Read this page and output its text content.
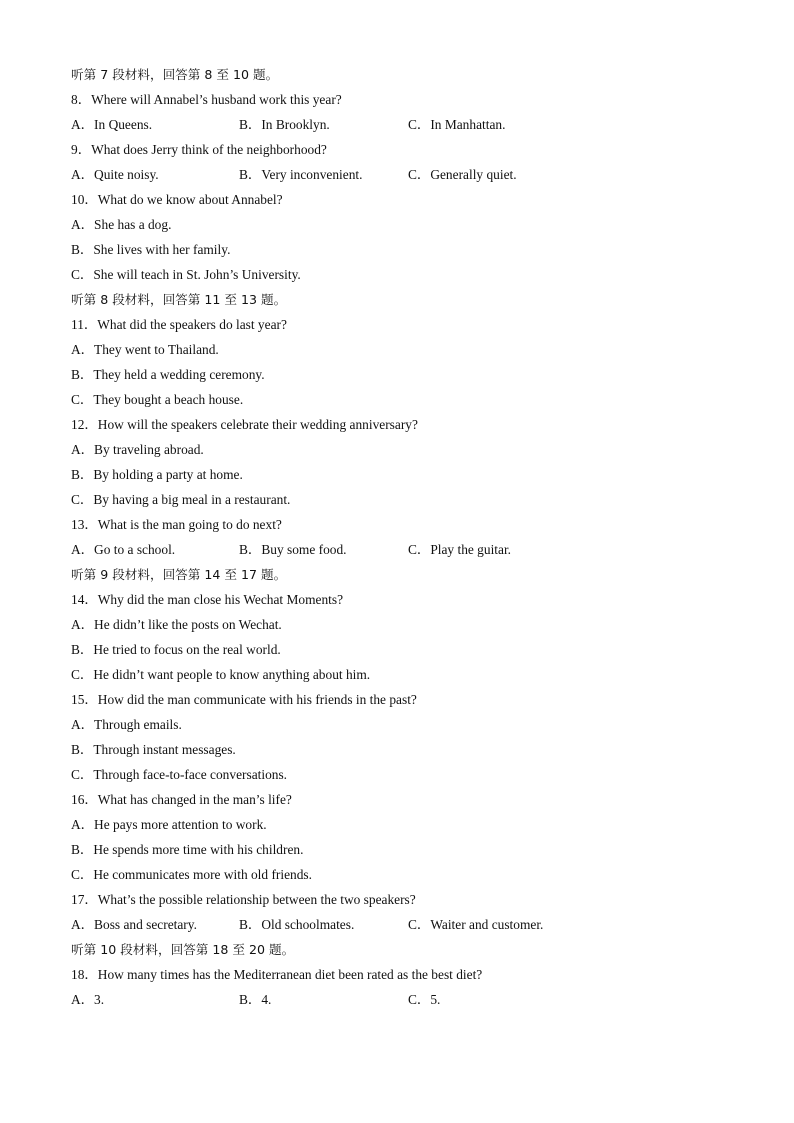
听第 7 段材料，回答第 8 至 10 题。
8．Where will Annabel’s husband work this year?
A．In Queens.	B．In Brooklyn.	C．In Manhattan.
9．What does Jerry think of the neighborhood?
A．Quite noisy.	B．Very inconvenient.	C．Generally quiet.
10．What do we know about Annabel?
A．She has a dog.
B．She lives with her family.
C．She will teach in St. John’s University.
听第 8 段材料，回答第 11 至 13 题。
11．What did the speakers do last year?
A．They went to Thailand.
B．They held a wedding ceremony.
C．They bought a beach house.
12．How will the speakers celebrate their wedding anniversary?
A．By traveling abroad.
B．By holding a party at home.
C．By having a big meal in a restaurant.
13．What is the man going to do next?
A．Go to a school.	B．Buy some food.	C．Play the guitar.
听第 9 段材料，回答第 14 至 17 题。
14．Why did the man close his Wechat Moments?
A．He didn’t like the posts on Wechat.
B．He tried to focus on the real world.
C．He didn’t want people to know anything about him.
15．How did the man communicate with his friends in the past?
A．Through emails.
B．Through instant messages.
C．Through face-to-face conversations.
16．What has changed in the man’s life?
A．He pays more attention to work.
B．He spends more time with his children.
C．He communicates more with old friends.
17．What’s the possible relationship between the two speakers?
A．Boss and secretary.	B．Old schoolmates.	C．Waiter and customer.
听第 10 段材料，回答第 18 至 20 题。
18．How many times has the Mediterranean diet been rated as the best diet?
A．3.	B．4.	C．5.
